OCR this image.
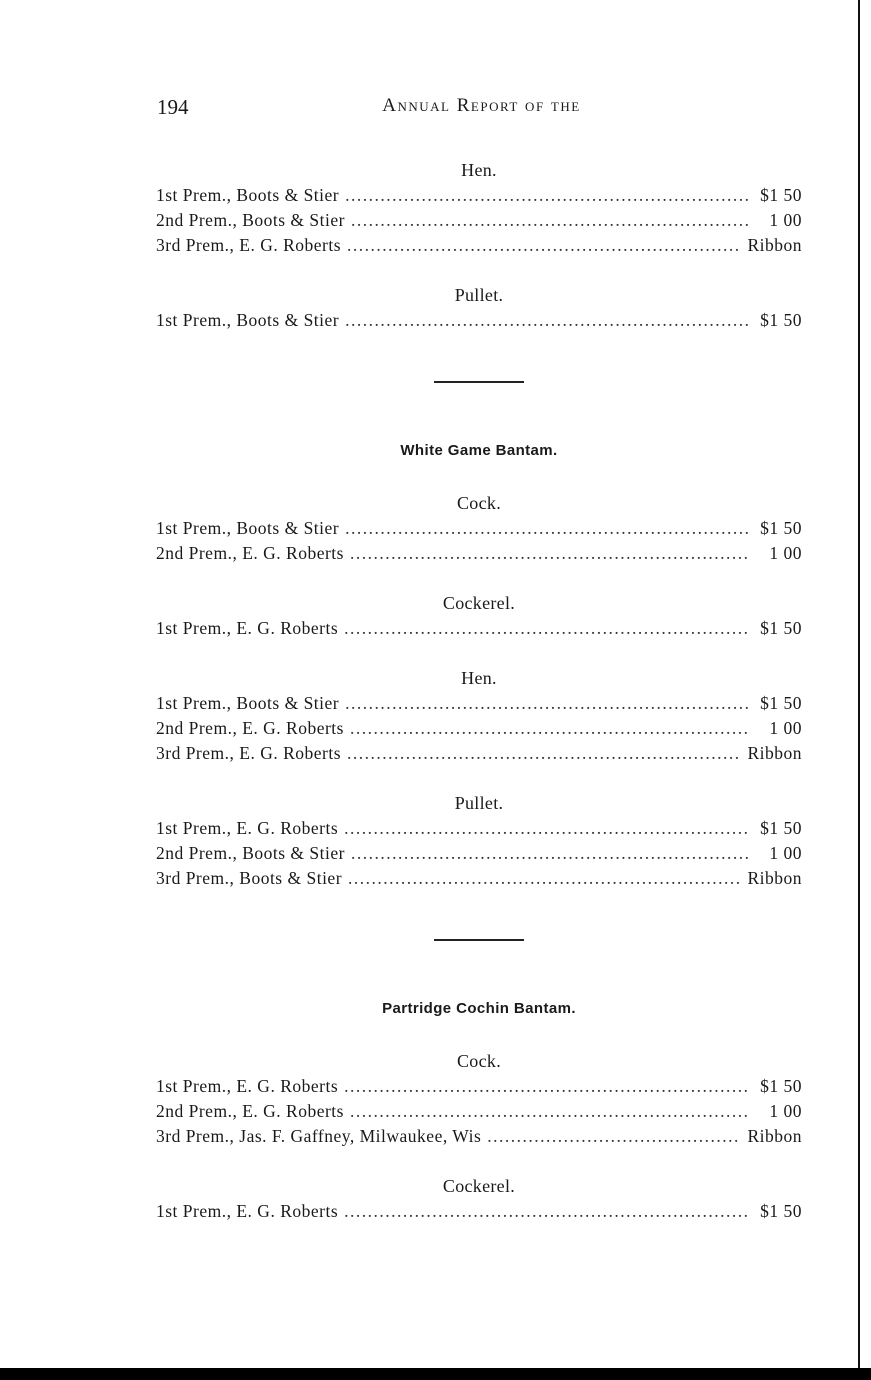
194	Annual Report of the
Hen.
1st Prem., Boots & Stier .....	$1 50
2nd Prem., Boots & Stier .....	1 00
3rd Prem., E. G. Roberts .....	Ribbon
Pullet.
1st Prem., Boots & Stier .....	$1 50
White Game Bantam.
Cock.
1st Prem., Boots & Stier .....	$1 50
2nd Prem., E. G. Roberts .....	1 00
Cockerel.
1st Prem., E. G. Roberts .....	$1 50
Hen.
1st Prem., Boots & Stier .....	$1 50
2nd Prem., E. G. Roberts .....	1 00
3rd Prem., E. G. Roberts .....	Ribbon
Pullet.
1st Prem., E. G. Roberts .....	$1 50
2nd Prem., Boots & Stier .....	1 00
3rd Prem., Boots & Stier .....	Ribbon
Partridge Cochin Bantam.
Cock.
1st Prem., E. G. Roberts .....	$1 50
2nd Prem., E. G. Roberts .....	1 00
3rd Prem., Jas. F. Gaffney, Milwaukee, Wis .....	Ribbon
Cockerel.
1st Prem., E. G. Roberts .....	$1 50
